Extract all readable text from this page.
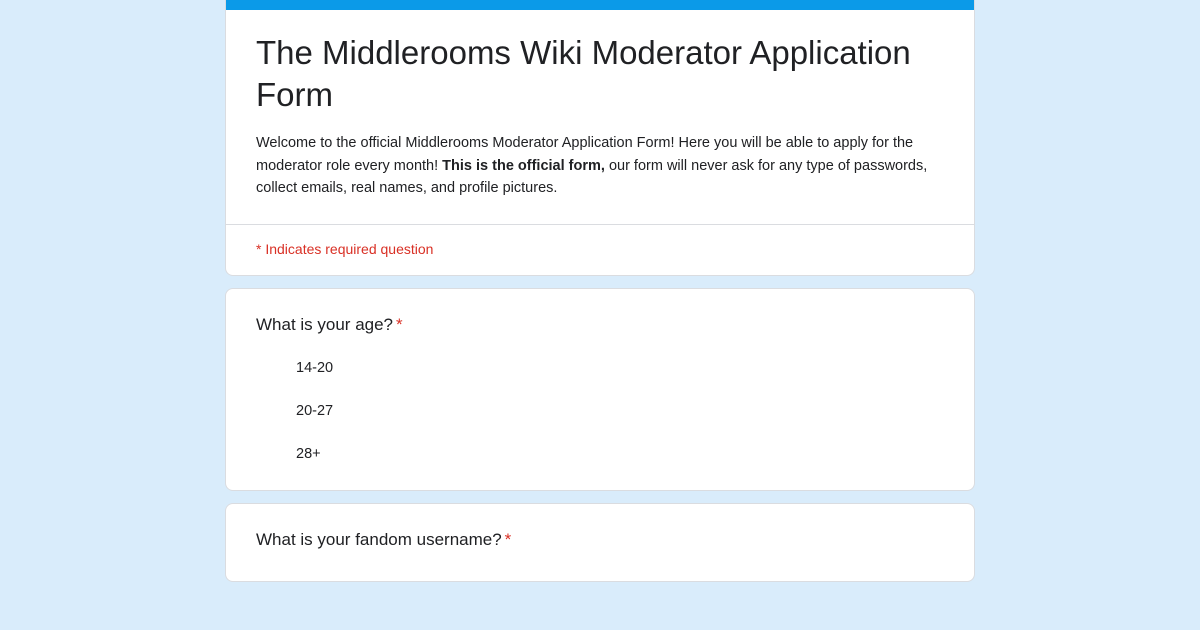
The Middlerooms Wiki Moderator Application Form

Welcome to the official Middlerooms Moderator Application Form! Here you will be able to apply for the moderator role every month! This is the official form, our form will never ask for any type of passwords, collect emails, real names, and profile pictures.

* Indicates required question
What is your age? *
14-20
20-27
28+
What is your fandom username? *
